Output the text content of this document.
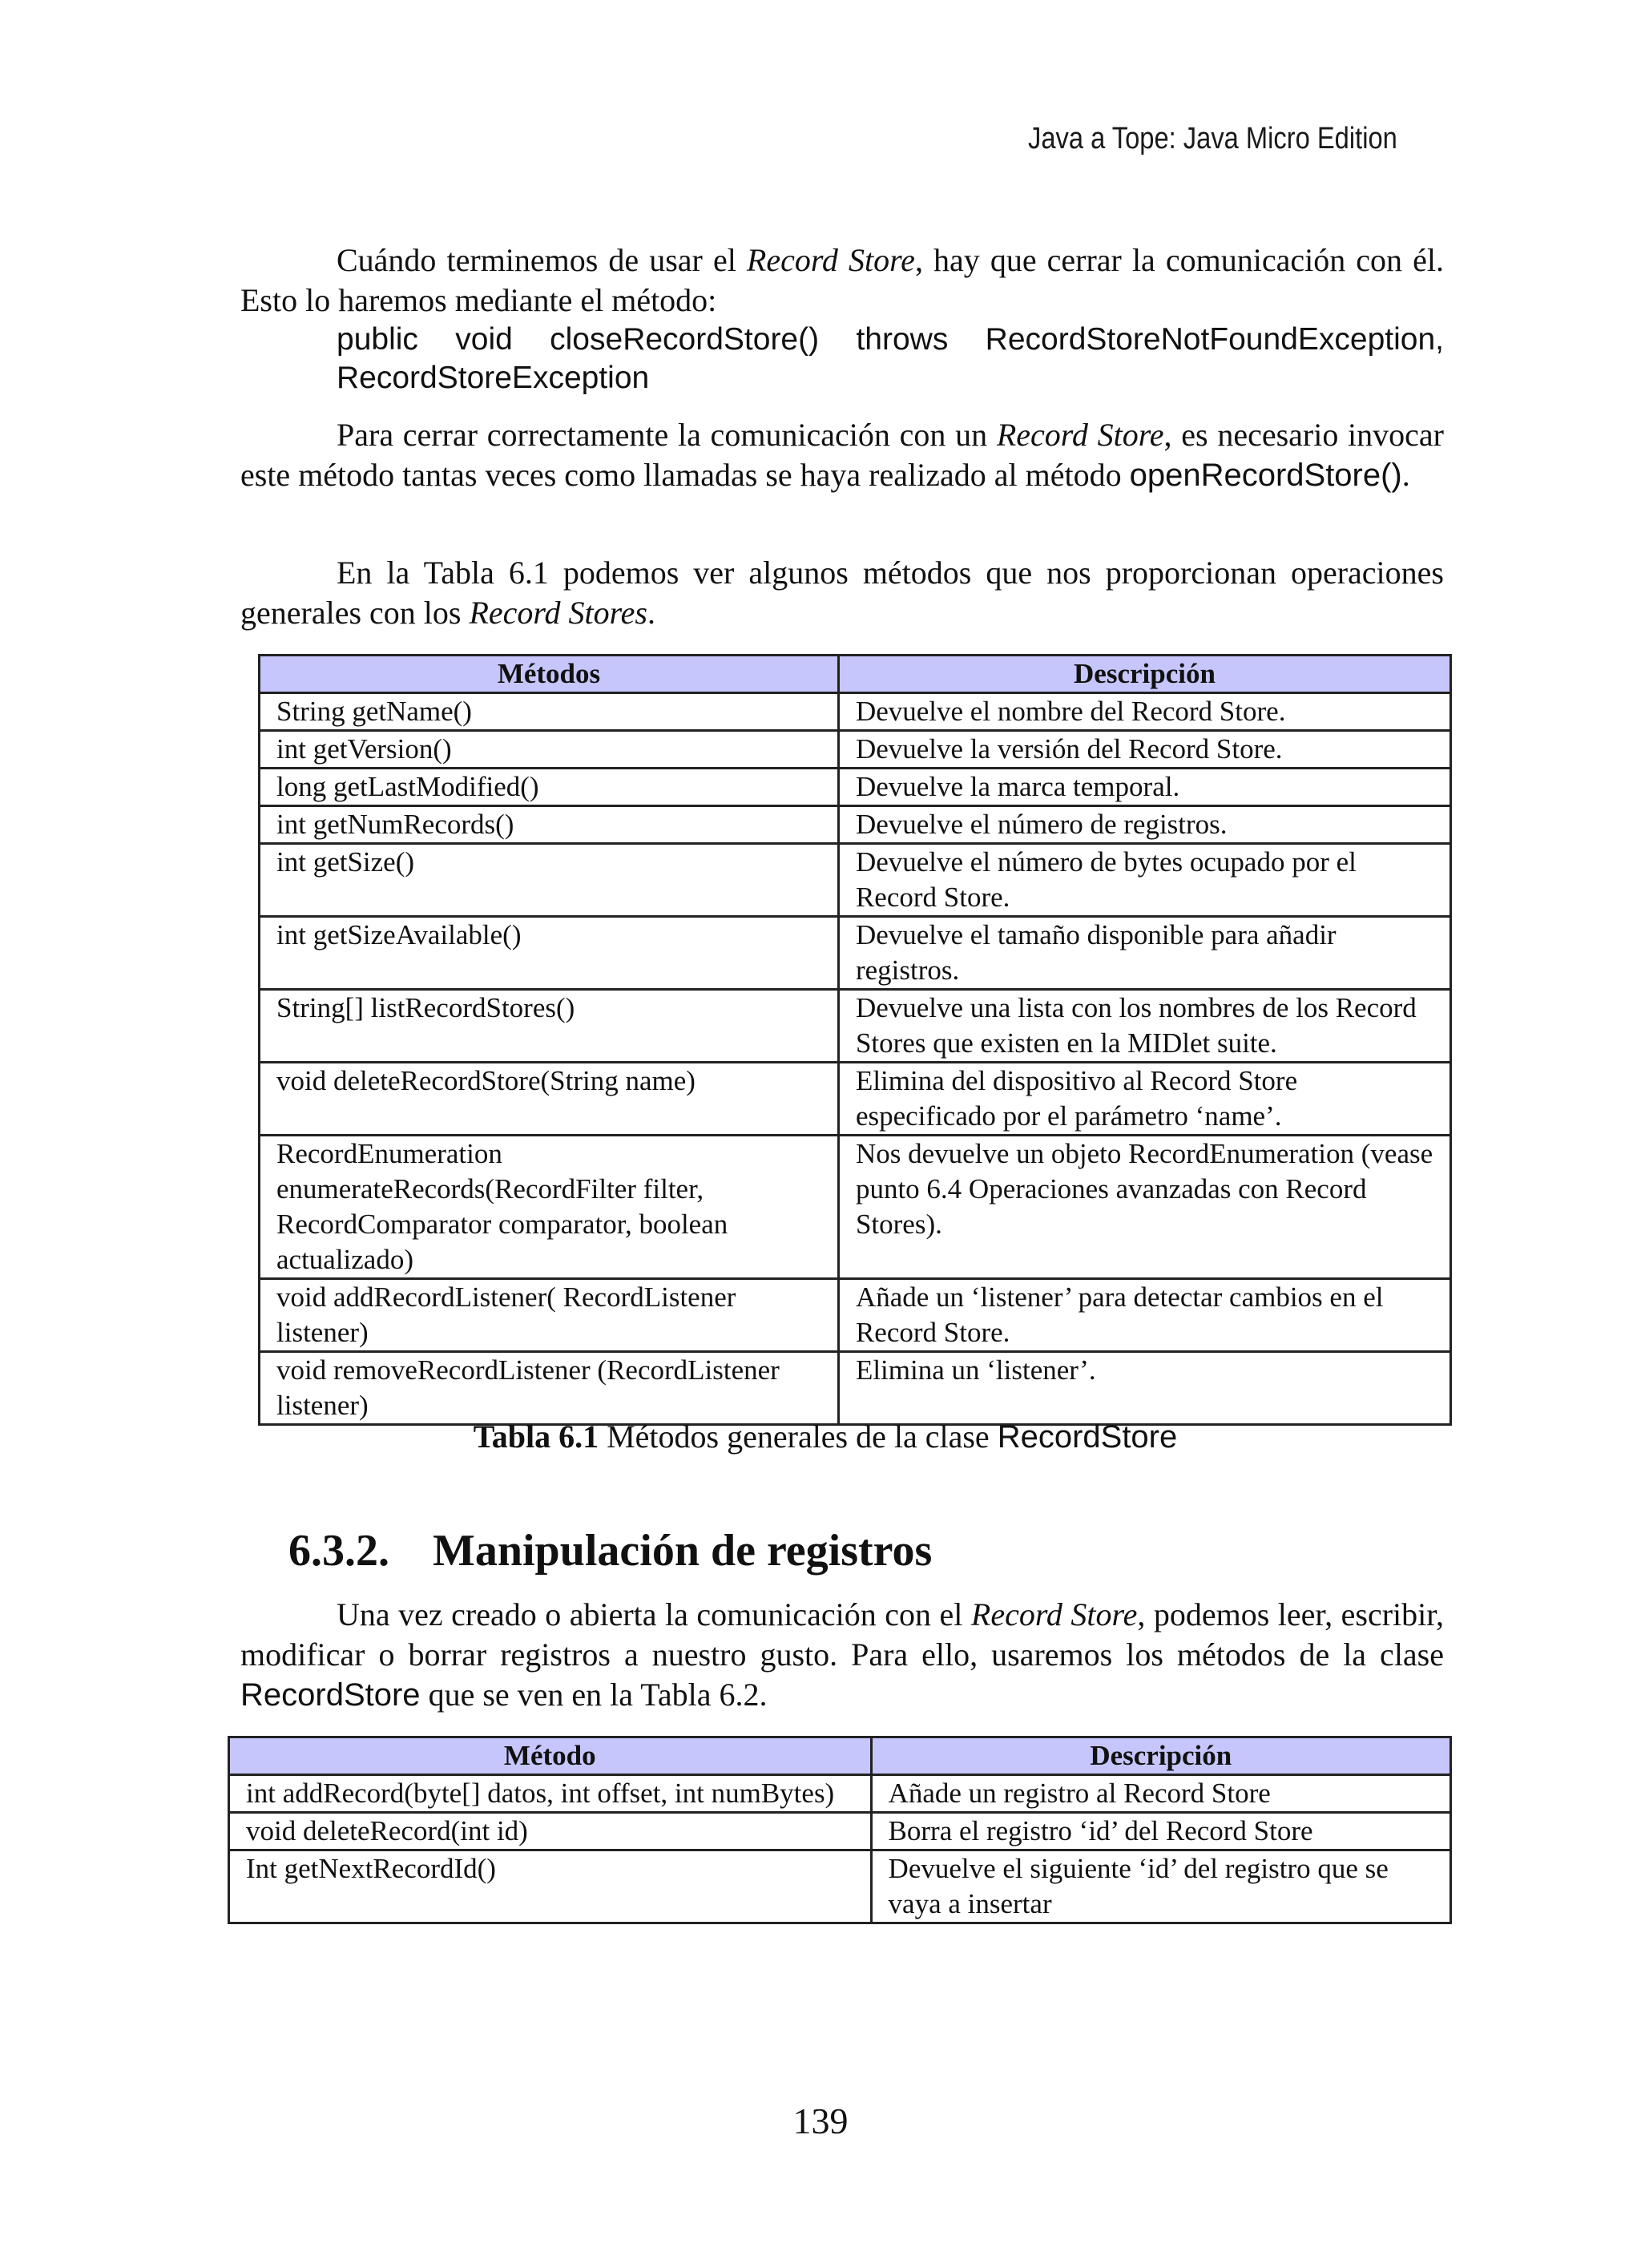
Java a Tope: Java Micro Edition

Cuándo terminemos de usar el Record Store, hay que cerrar la comunicación con él. Esto lo haremos mediante el método:

public void closeRecordStore() throws RecordStoreNotFoundException,
RecordStoreException

Para cerrar correctamente la comunicación con un Record Store, es necesario invocar este método tantas veces como llamadas se haya realizado al método openRecordStore().

En la Tabla 6.1 podemos ver algunos métodos que nos proporcionan operaciones generales con los Record Stores.

Métodos	Descripción
String getName()	Devuelve el nombre del Record Store.
int getVersion()	Devuelve la versión del Record Store.
long getLastModified()	Devuelve la marca temporal.
int getNumRecords()	Devuelve el número de registros.
int getSize()	Devuelve el número de bytes ocupado por el Record Store.
int getSizeAvailable()	Devuelve el tamaño disponible para añadir registros.
String[] listRecordStores()	Devuelve una lista con los nombres de los Record Stores que existen en la MIDlet suite.
void deleteRecordStore(String name)	Elimina del dispositivo al Record Store especificado por el parámetro ‘name’.
RecordEnumeration enumerateRecords(RecordFilter filter, RecordComparator comparator, boolean actualizado)	Nos devuelve un objeto RecordEnumeration (vease punto 6.4 Operaciones avanzadas con Record Stores).
void addRecordListener( RecordListener listener)	Añade un ‘listener’ para detectar cambios en el Record Store.
void removeRecordListener (RecordListener listener)	Elimina un ‘listener’.
Tabla 6.1 Métodos generales de la clase RecordStore
6.3.2. Manipulación de registros

Una vez creado o abierta la comunicación con el Record Store, podemos leer, escribir, modificar o borrar registros a nuestro gusto. Para ello, usaremos los métodos de la clase RecordStore que se ven en la Tabla 6.2.

Método	Descripción
int addRecord(byte[] datos, int offset, int numBytes)	Añade un registro al Record Store
void deleteRecord(int id)	Borra el registro ‘id’ del Record Store
Int getNextRecordId()	Devuelve el siguiente ‘id’ del registro que se vaya a insertar
139
